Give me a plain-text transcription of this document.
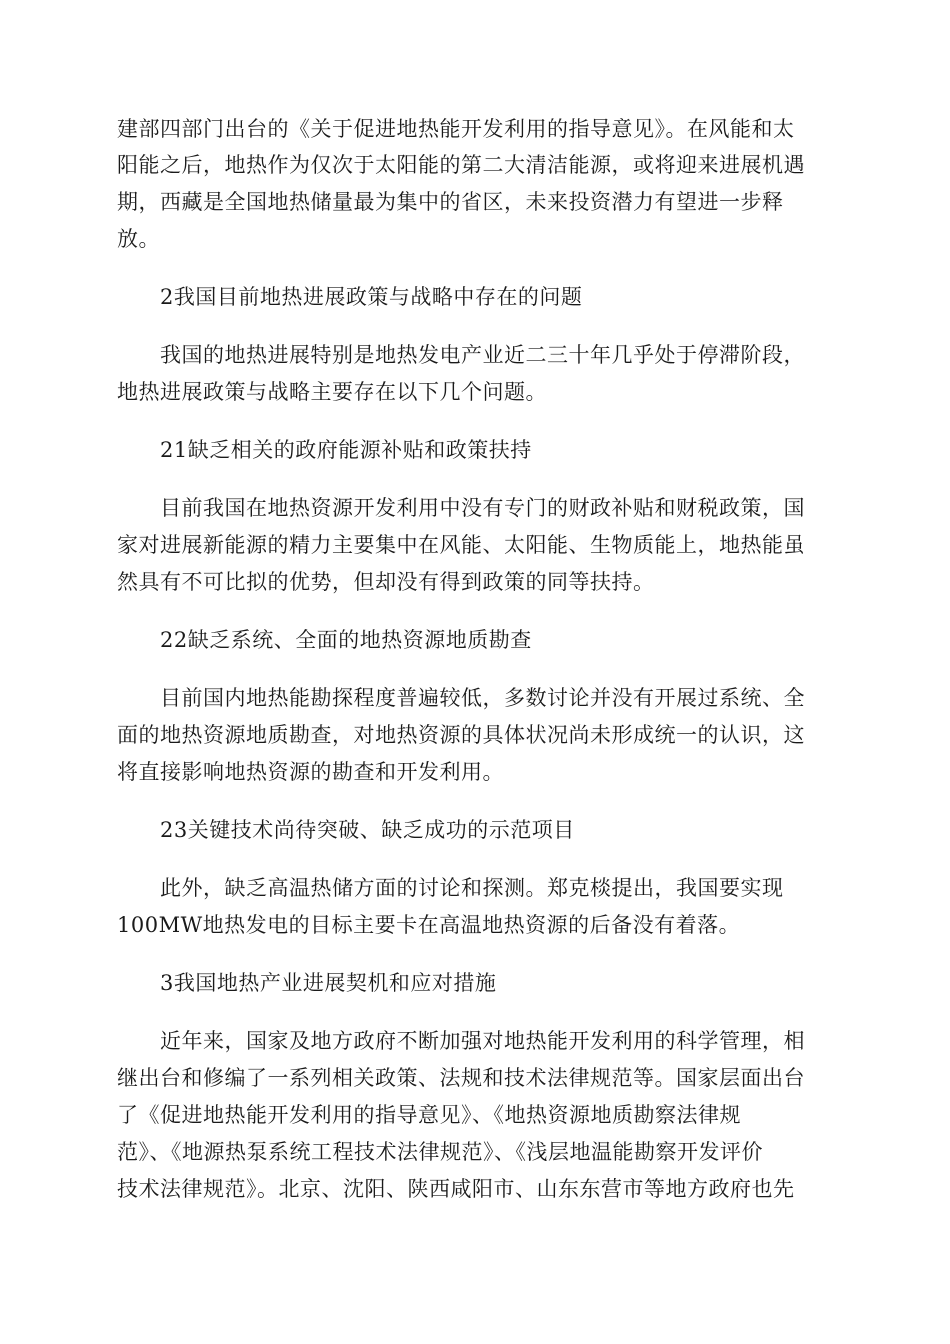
建部四部门出台的《关于促进地热能开发利用的指导意见》。在风能和太
阳能之后，地热作为仅次于太阳能的第二大清洁能源，或将迎来进展机遇
期，西藏是全国地热储量最为集中的省区，未来投资潜力有望进一步释
放。
2我国目前地热进展政策与战略中存在的问题
我国的地热进展特别是地热发电产业近二三十年几乎处于停滞阶段，
地热进展政策与战略主要存在以下几个问题。
21缺乏相关的政府能源补贴和政策扶持
目前我国在地热资源开发利用中没有专门的财政补贴和财税政策，国
家对进展新能源的精力主要集中在风能、太阳能、生物质能上，地热能虽
然具有不可比拟的优势，但却没有得到政策的同等扶持。
22缺乏系统、全面的地热资源地质勘查
目前国内地热能勘探程度普遍较低，多数讨论并没有开展过系统、全
面的地热资源地质勘查，对地热资源的具体状况尚未形成统一的认识，这
将直接影响地热资源的勘查和开发利用。
23关键技术尚待突破、缺乏成功的示范项目
此外，缺乏高温热储方面的讨论和探测。郑克棪提出，我国要实现
100MW地热发电的目标主要卡在高温地热资源的后备没有着落。
3我国地热产业进展契机和应对措施
近年来，国家及地方政府不断加强对地热能开发利用的科学管理，相
继出台和修编了一系列相关政策、法规和技术法律规范等。国家层面出台
了《促进地热能开发利用的指导意见》、《地热资源地质勘察法律规
范》、《地源热泵系统工程技术法律规范》、《浅层地温能勘察开发评价
技术法律规范》。北京、沈阳、陕西咸阳市、山东东营市等地方政府也先
